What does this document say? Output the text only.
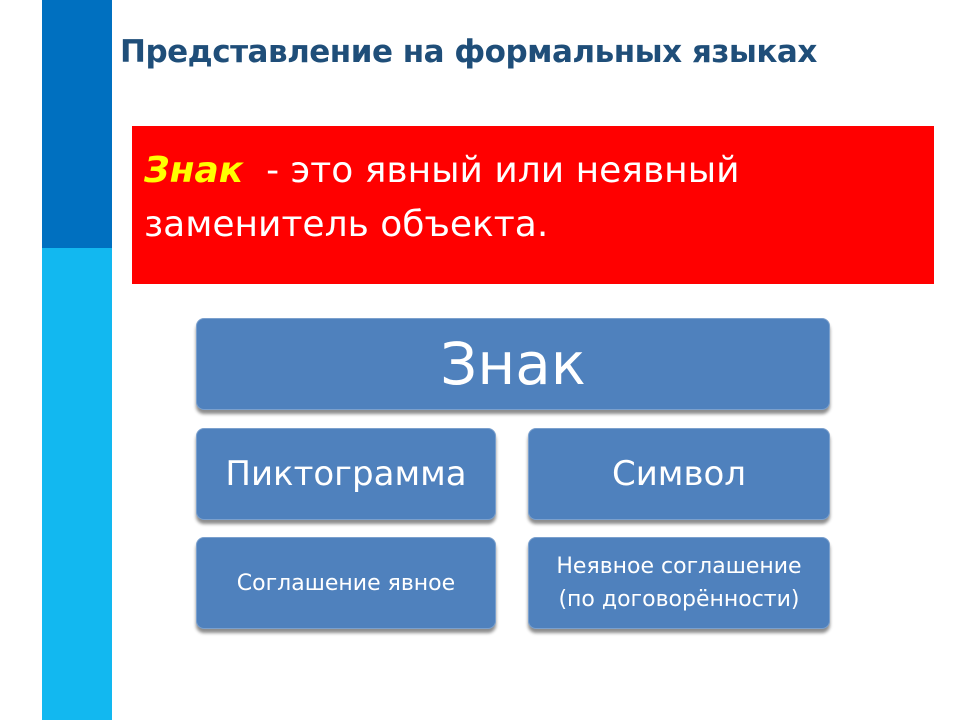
Представление на формальных языках
Знак  - это явный или неявный
заменитель объекта.
Знак
Пиктограмма	Символ
Соглашение явное
Неявное соглашение
(по договорённости)
